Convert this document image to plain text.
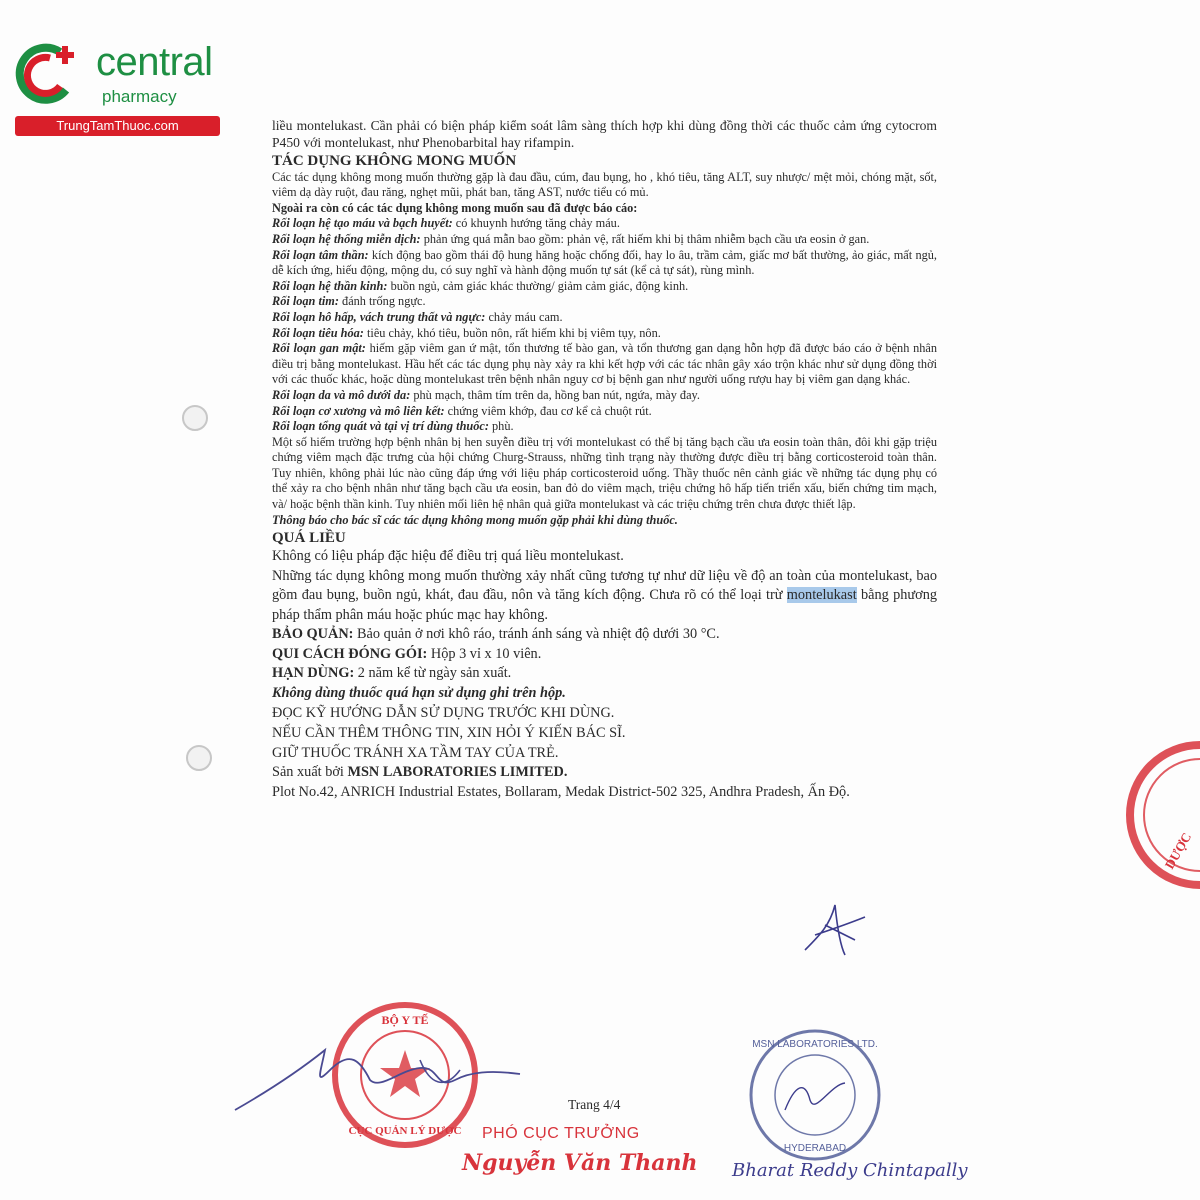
central
pharmacy
TrungTamThuoc.com	liều montelukast. Cần phải có biện pháp kiểm soát lâm sàng thích hợp khi dùng đồng thời các thuốc cảm ứng cytocrom P450 với montelukast, như Phenobarbital hay rifampin.

TÁC DỤNG KHÔNG MONG MUỐN

Các tác dụng không mong muốn thường gặp là đau đầu, cúm, đau bụng, ho , khó tiêu, tăng ALT, suy nhược/ mệt mỏi, chóng mặt, sốt, viêm dạ dày ruột, đau răng, nghẹt mũi, phát ban, tăng AST, nước tiểu có mủ.

Ngoài ra còn có các tác dụng không mong muốn sau đã được báo cáo:

Rối loạn hệ tạo máu và bạch huyết: có khuynh hướng tăng chảy máu.

Rối loạn hệ thống miễn dịch: phản ứng quá mẫn bao gồm: phản vệ, rất hiếm khi bị thâm nhiễm bạch cầu ưa eosin ở gan.

Rối loạn tâm thần: kích động bao gồm thái độ hung hăng hoặc chống đối, hay lo âu, trầm cảm, giấc mơ bất thường, ảo giác, mất ngủ, dễ kích ứng, hiếu động, mộng du, có suy nghĩ và hành động muốn tự sát (kể cả tự sát), rùng mình.

Rối loạn hệ thần kinh: buồn ngủ, cảm giác khác thường/ giảm cảm giác, động kinh.

Rối loạn tim: đánh trống ngực.

Rối loạn hô hấp, vách trung thất và ngực: chảy máu cam.

Rối loạn tiêu hóa: tiêu chảy, khó tiêu, buồn nôn, rất hiếm khi bị viêm tụy, nôn.

Rối loạn gan mật: hiếm gặp viêm gan ứ mật, tổn thương tế bào gan, và tổn thương gan dạng hỗn hợp đã được báo cáo ở bệnh nhân điều trị bằng montelukast. Hầu hết các tác dụng phụ này xảy ra khi kết hợp với các tác nhân gây xáo trộn khác như sử dụng đồng thời với các thuốc khác, hoặc dùng montelukast trên bệnh nhân nguy cơ bị bệnh gan như người uống rượu hay bị viêm gan dạng khác.

Rối loạn da và mô dưới da: phù mạch, thâm tím trên da, hồng ban nút, ngứa, mày đay.

Rối loạn cơ xương và mô liên kết: chứng viêm khớp, đau cơ kể cả chuột rút.

Rối loạn tổng quát và tại vị trí dùng thuốc: phù.

Một số hiếm trường hợp bệnh nhân bị hen suyễn điều trị với montelukast có thể bị tăng bạch cầu ưa eosin toàn thân, đôi khi gặp triệu chứng viêm mạch đặc trưng của hội chứng Churg-Strauss, những tình trạng này thường được điều trị bằng corticosteroid toàn thân. Tuy nhiên, không phải lúc nào cũng đáp ứng với liệu pháp corticosteroid uống. Thầy thuốc nên cảnh giác về những tác dụng phụ có thể xảy ra cho bệnh nhân như tăng bạch cầu ưa eosin, ban đỏ do viêm mạch, triệu chứng hô hấp tiến triển xấu, biến chứng tim mạch, và/ hoặc bệnh thần kinh. Tuy nhiên mối liên hệ nhân quả giữa montelukast và các triệu chứng trên chưa được thiết lập.

Thông báo cho bác sĩ các tác dụng không mong muốn gặp phải khi dùng thuốc.

QUÁ LIỀU

Không có liệu pháp đặc hiệu để điều trị quá liều montelukast.

Những tác dụng không mong muốn thường xảy nhất cũng tương tự như dữ liệu về độ an toàn của montelukast, bao gồm đau bụng, buồn ngủ, khát, đau đầu, nôn và tăng kích động. Chưa rõ có thể loại trừ montelukast bằng phương pháp thẩm phân máu hoặc phúc mạc hay không.

BẢO QUẢN: Bảo quản ở nơi khô ráo, tránh ánh sáng và nhiệt độ dưới 30 °C.

QUI CÁCH ĐÓNG GÓI: Hộp 3 vỉ x 10 viên.

HẠN DÙNG: 2 năm kể từ ngày sản xuất.

Không dùng thuốc quá hạn sử dụng ghi trên hộp.

ĐỌC KỸ HƯỚNG DẪN SỬ DỤNG TRƯỚC KHI DÙNG.

NẾU CẦN THÊM THÔNG TIN, XIN HỎI Ý KIẾN BÁC SĨ.

GIỮ THUỐC TRÁNH XA TẦM TAY CỦA TRẺ.

Sản xuất bởi MSN LABORATORIES LIMITED.

Plot No.42, ANRICH Industrial Estates, Bollaram, Medak District-502 325, Andhra Pradesh, Ấn Độ.

DƯỢC
BỘ Y TẾ
CỤC QUẢN LÝ DƯỢC
Trang 4/4
PHÓ CỤC TRƯỞNG
Nguyễn Văn Thanh
MSN LABORATORIES LTD.
HYDERABAD
Bharat Reddy Chintapally
